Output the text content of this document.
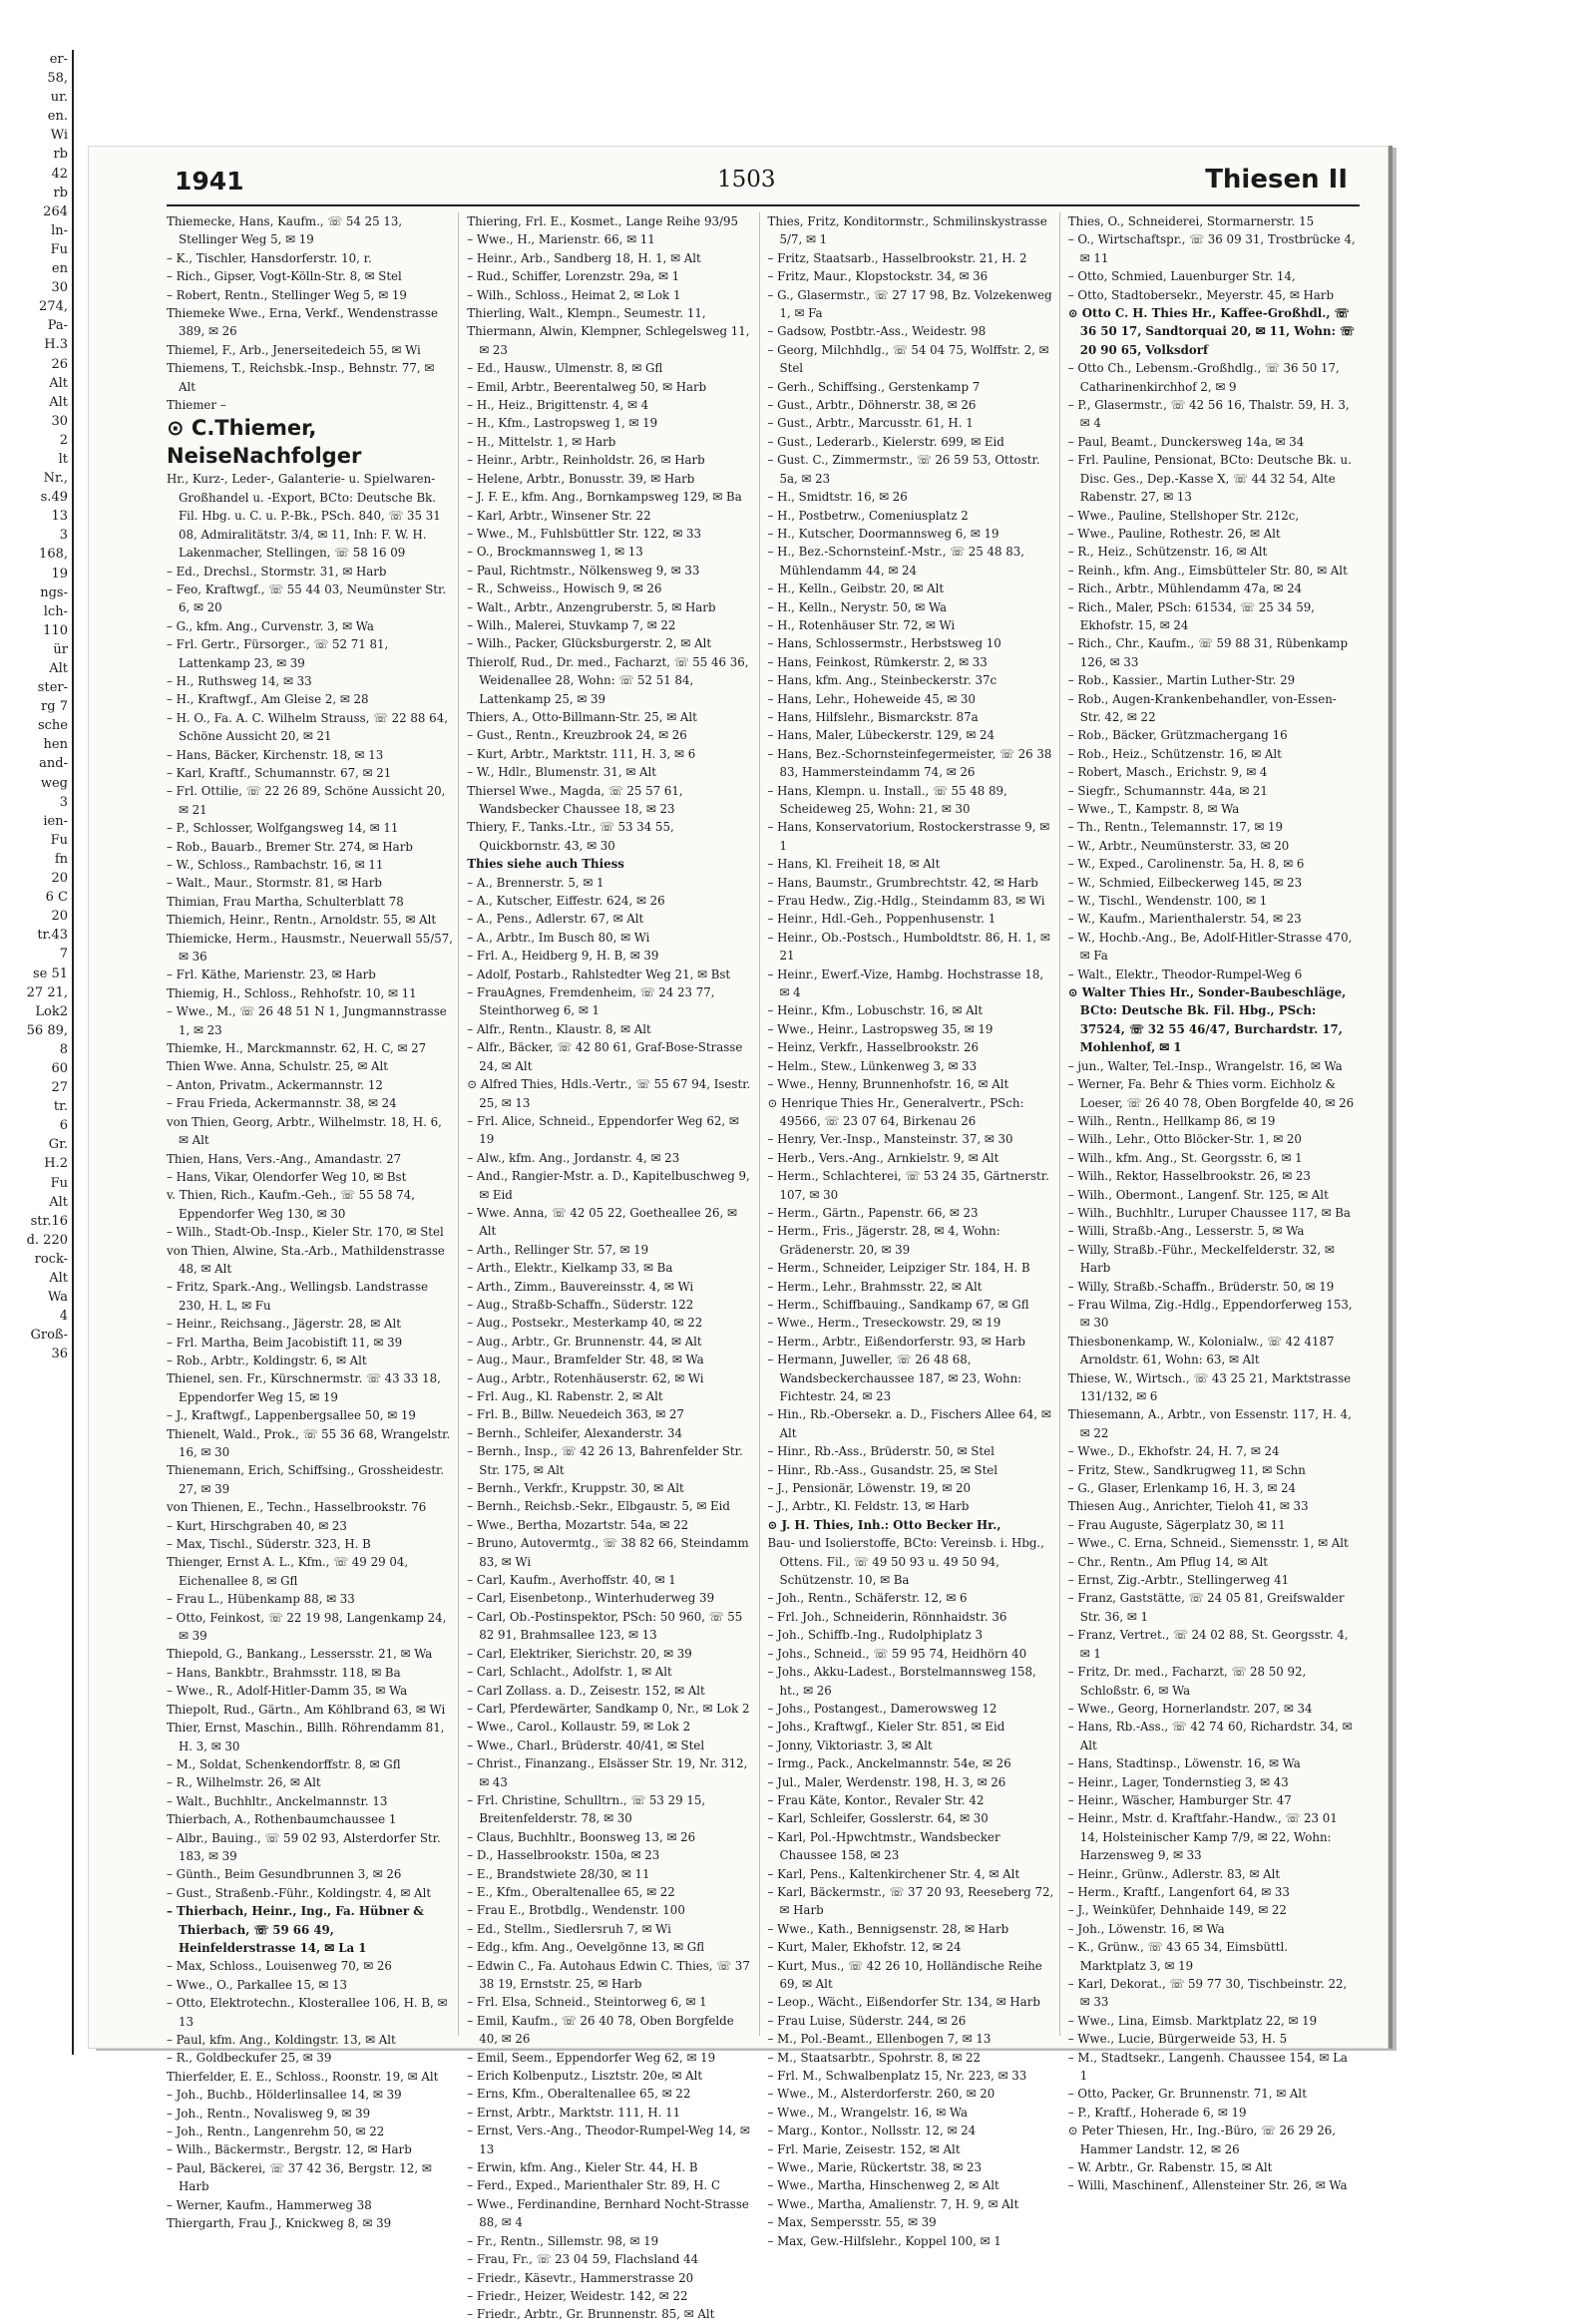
er-
58,
ur.
en.
Wi
rb
42
rb
264
ln-
Fu
en
30
274,
Pa-
H.3
26
Alt
Alt
30
2
lt
Nr.,
s.49
13
3
168,
19
ngs-
lch-
110
ür
Alt
ster-
rg 7
sche
hen
and-
weg
3
ien-
Fu
fn
20
6 C
20
tr.43
7
se 51
27 21,
Lok2
56 89,
8
60
27
tr.
6
Gr.
H.2
Fu
Alt
str.16
d. 220
rock-
Alt
Wa
4
Groß-
36
1941	1503	Thiesen II
Thiemecke, Hans, Kaufm., ☏ 54 25 13, Stellinger Weg 5, ✉ 19
– K., Tischler, Hansdorferstr. 10, r.
– Rich., Gipser, Vogt-Kölln-Str. 8, ✉ Stel
– Robert, Rentn., Stellinger Weg 5, ✉ 19
Thiemeke Wwe., Erna, Verkf., Wendenstrasse 389, ✉ 26
Thiemel, F., Arb., Jenerseitedeich 55, ✉ Wi
Thiemens, T., Reichsbk.-Insp., Behnstr. 77, ✉ Alt
Thiemer –
⊙ C.Thiemer, NeiseNachfolger
Hr., Kurz-, Leder-, Galanterie- u. Spielwaren-Großhandel u. -Export, BCto: Deutsche Bk. Fil. Hbg. u. C. u. P.-Bk., PSch. 840, ☏ 35 31 08, Admiralitätstr. 3/4, ✉ 11, Inh: F. W. H. Lakenmacher, Stellingen, ☏ 58 16 09
– Ed., Drechsl., Stormstr. 31, ✉ Harb
– Feo, Kraftwgf., ☏ 55 44 03, Neumünster Str. 6, ✉ 20
– G., kfm. Ang., Curvenstr. 3, ✉ Wa
– Frl. Gertr., Fürsorger., ☏ 52 71 81, Lattenkamp 23, ✉ 39
– H., Ruthsweg 14, ✉ 33
– H., Kraftwgf., Am Gleise 2, ✉ 28
– H. O., Fa. A. C. Wilhelm Strauss, ☏ 22 88 64, Schöne Aussicht 20, ✉ 21
– Hans, Bäcker, Kirchenstr. 18, ✉ 13
– Karl, Kraftf., Schumannstr. 67, ✉ 21
– Frl. Ottilie, ☏ 22 26 89, Schöne Aussicht 20, ✉ 21
– P., Schlosser, Wolfgangsweg 14, ✉ 11
– Rob., Bauarb., Bremer Str. 274, ✉ Harb
– W., Schloss., Rambachstr. 16, ✉ 11
– Walt., Maur., Stormstr. 81, ✉ Harb
Thimian, Frau Martha, Schulterblatt 78
Thiemich, Heinr., Rentn., Arnoldstr. 55, ✉ Alt
Thiemicke, Herm., Hausmstr., Neuerwall 55/57, ✉ 36
– Frl. Käthe, Marienstr. 23, ✉ Harb
Thiemig, H., Schloss., Rehhofstr. 10, ✉ 11
– Wwe., M., ☏ 26 48 51 N 1, Jungmannstrasse 1, ✉ 23
Thiemke, H., Marckmannstr. 62, H. C, ✉ 27
Thien Wwe. Anna, Schulstr. 25, ✉ Alt
– Anton, Privatm., Ackermannstr. 12
– Frau Frieda, Ackermannstr. 38, ✉ 24
von Thien, Georg, Arbtr., Wilhelmstr. 18, H. 6, ✉ Alt
Thien, Hans, Vers.-Ang., Amandastr. 27
– Hans, Vikar, Olendorfer Weg 10, ✉ Bst
v. Thien, Rich., Kaufm.-Geh., ☏ 55 58 74, Eppendorfer Weg 130, ✉ 30
– Wilh., Stadt-Ob.-Insp., Kieler Str. 170, ✉ Stel
von Thien, Alwine, Sta.-Arb., Mathildenstrasse 48, ✉ Alt
– Fritz, Spark.-Ang., Wellingsb. Landstrasse 230, H. L, ✉ Fu
– Heinr., Reichsang., Jägerstr. 28, ✉ Alt
– Frl. Martha, Beim Jacobistift 11, ✉ 39
– Rob., Arbtr., Koldingstr. 6, ✉ Alt
Thienel, sen. Fr., Kürschnermstr. ☏ 43 33 18, Eppendorfer Weg 15, ✉ 19
– J., Kraftwgf., Lappenbergsallee 50, ✉ 19
Thienelt, Wald., Prok., ☏ 55 36 68, Wrangelstr. 16, ✉ 30
Thienemann, Erich, Schiffsing., Grossheidestr. 27, ✉ 39
von Thienen, E., Techn., Hasselbrookstr. 76
– Kurt, Hirschgraben 40, ✉ 23
– Max, Tischl., Süderstr. 323, H. B
Thienger, Ernst A. L., Kfm., ☏ 49 29 04, Eichenallee 8, ✉ Gfl
– Frau L., Hübenkamp 88, ✉ 33
– Otto, Feinkost, ☏ 22 19 98, Langenkamp 24, ✉ 39
Thiepold, G., Bankang., Lessersstr. 21, ✉ Wa
– Hans, Bankbtr., Brahmsstr. 118, ✉ Ba
– Wwe., R., Adolf-Hitler-Damm 35, ✉ Wa
Thiepolt, Rud., Gärtn., Am Köhlbrand 63, ✉ Wi
Thier, Ernst, Maschin., Billh. Röhrendamm 81, H. 3, ✉ 30
– M., Soldat, Schenkendorffstr. 8, ✉ Gfl
– R., Wilhelmstr. 26, ✉ Alt
– Walt., Buchhltr., Anckelmannstr. 13
Thierbach, A., Rothenbaumchaussee 1
– Albr., Bauing., ☏ 59 02 93, Alsterdorfer Str. 183, ✉ 39
– Günth., Beim Gesundbrunnen 3, ✉ 26
– Gust., Straßenb.-Führ., Koldingstr. 4, ✉ Alt
– Thierbach, Heinr., Ing., Fa. Hübner & Thierbach, ☏ 59 66 49, Heinfelderstrasse 14, ✉ La 1
– Max, Schloss., Louisenweg 70, ✉ 26
– Wwe., O., Parkallee 15, ✉ 13
– Otto, Elektrotechn., Klosterallee 106, H. B, ✉ 13
– Paul, kfm. Ang., Koldingstr. 13, ✉ Alt
– R., Goldbeckufer 25, ✉ 39
Thierfelder, E. E., Schloss., Roonstr. 19, ✉ Alt
– Joh., Buchb., Hölderlinsallee 14, ✉ 39
– Joh., Rentn., Novalisweg 9, ✉ 39
– Joh., Rentn., Langenrehm 50, ✉ 22
– Wilh., Bäckermstr., Bergstr. 12, ✉ Harb
– Paul, Bäckerei, ☏ 37 42 36, Bergstr. 12, ✉ Harb
– Werner, Kaufm., Hammerweg 38
Thiergarth, Frau J., Knickweg 8, ✉ 39
Thiering, Frl. E., Kosmet., Lange Reihe 93/95
– Wwe., H., Marienstr. 66, ✉ 11
– Heinr., Arb., Sandberg 18, H. 1, ✉ Alt
– Rud., Schiffer, Lorenzstr. 29a, ✉ 1
– Wilh., Schloss., Heimat 2, ✉ Lok 1
Thierling, Walt., Klempn., Seumestr. 11,
Thiermann, Alwin, Klempner, Schlegelsweg 11, ✉ 23
– Ed., Hausw., Ulmenstr. 8, ✉ Gfl
– Emil, Arbtr., Beerentalweg 50, ✉ Harb
– H., Heiz., Brigittenstr. 4, ✉ 4
– H., Kfm., Lastropsweg 1, ✉ 19
– H., Mittelstr. 1, ✉ Harb
– Heinr., Arbtr., Reinholdstr. 26, ✉ Harb
– Helene, Arbtr., Bonusstr. 39, ✉ Harb
– J. F. E., kfm. Ang., Bornkampsweg 129, ✉ Ba
– Karl, Arbtr., Winsener Str. 22
– Wwe., M., Fuhlsbüttler Str. 122, ✉ 33
– O., Brockmannsweg 1, ✉ 13
– Paul, Richtmstr., Nölkensweg 9, ✉ 33
– R., Schweiss., Howisch 9, ✉ 26
– Walt., Arbtr., Anzengruberstr. 5, ✉ Harb
– Wilh., Malerei, Stuvkamp 7, ✉ 22
– Wilh., Packer, Glücksburgerstr. 2, ✉ Alt
Thierolf, Rud., Dr. med., Facharzt, ☏ 55 46 36, Weidenallee 28, Wohn: ☏ 52 51 84, Lattenkamp 25, ✉ 39
Thiers, A., Otto-Billmann-Str. 25, ✉ Alt
– Gust., Rentn., Kreuzbrook 24, ✉ 26
– Kurt, Arbtr., Marktstr. 111, H. 3, ✉ 6
– W., Hdlr., Blumenstr. 31, ✉ Alt
Thiersel Wwe., Magda, ☏ 25 57 61, Wandsbecker Chaussee 18, ✉ 23
Thiery, F., Tanks.-Ltr., ☏ 53 34 55, Quickbornstr. 43, ✉ 30
Thies siehe auch Thiess
– A., Brennerstr. 5, ✉ 1
– A., Kutscher, Eiffestr. 624, ✉ 26
– A., Pens., Adlerstr. 67, ✉ Alt
– A., Arbtr., Im Busch 80, ✉ Wi
– Frl. A., Heidberg 9, H. B, ✉ 39
– Adolf, Postarb., Rahlstedter Weg 21, ✉ Bst
– FrauAgnes, Fremdenheim, ☏ 24 23 77, Steinthorweg 6, ✉ 1
– Alfr., Rentn., Klaustr. 8, ✉ Alt
– Alfr., Bäcker, ☏ 42 80 61, Graf-Bose-Strasse 24, ✉ Alt
⊙ Alfred Thies, Hdls.-Vertr., ☏ 55 67 94, Isestr. 25, ✉ 13
– Frl. Alice, Schneid., Eppendorfer Weg 62, ✉ 19
– Alw., kfm. Ang., Jordanstr. 4, ✉ 23
– And., Rangier-Mstr. a. D., Kapitelbuschweg 9, ✉ Eid
– Wwe. Anna, ☏ 42 05 22, Goetheallee 26, ✉ Alt
– Arth., Rellinger Str. 57, ✉ 19
– Arth., Elektr., Kielkamp 33, ✉ Ba
– Arth., Zimm., Bauvereinsstr. 4, ✉ Wi
– Aug., Straßb-Schaffn., Süderstr. 122
– Aug., Postsekr., Mesterkamp 40, ✉ 22
– Aug., Arbtr., Gr. Brunnenstr. 44, ✉ Alt
– Aug., Maur., Bramfelder Str. 48, ✉ Wa
– Aug., Arbtr., Rotenhäuserstr. 62, ✉ Wi
– Frl. Aug., Kl. Rabenstr. 2, ✉ Alt
– Frl. B., Billw. Neuedeich 363, ✉ 27
– Bernh., Schleifer, Alexanderstr. 34
– Bernh., Insp., ☏ 42 26 13, Bahrenfelder Str. Str. 175, ✉ Alt
– Bernh., Verkfr., Kruppstr. 30, ✉ Alt
– Bernh., Reichsb.-Sekr., Elbgaustr. 5, ✉ Eid
– Wwe., Bertha, Mozartstr. 54a, ✉ 22
– Bruno, Autovermtg., ☏ 38 82 66, Steindamm 83, ✉ Wi
– Carl, Kaufm., Averhoffstr. 40, ✉ 1
– Carl, Eisenbetonp., Winterhuderweg 39
– Carl, Ob.-Postinspektor, PSch: 50 960, ☏ 55 82 91, Brahmsallee 123, ✉ 13
– Carl, Elektriker, Sierichstr. 20, ✉ 39
– Carl, Schlacht., Adolfstr. 1, ✉ Alt
– Carl Zollass. a. D., Zeisestr. 152, ✉ Alt
– Carl, Pferdewärter, Sandkamp 0, Nr., ✉ Lok 2
– Wwe., Carol., Kollaustr. 59, ✉ Lok 2
– Wwe., Charl., Brüderstr. 40/41, ✉ Stel
– Christ., Finanzang., Elsässer Str. 19, Nr. 312, ✉ 43
– Frl. Christine, Schulltrn., ☏ 53 29 15, Breitenfelderstr. 78, ✉ 30
– Claus, Buchhltr., Boonsweg 13, ✉ 26
– D., Hasselbrookstr. 150a, ✉ 23
– E., Brandstwiete 28/30, ✉ 11
– E., Kfm., Oberaltenallee 65, ✉ 22
– Frau E., Brotbdlg., Wendenstr. 100
– Ed., Stellm., Siedlersruh 7, ✉ Wi
– Edg., kfm. Ang., Oevelgönne 13, ✉ Gfl
– Edwin C., Fa. Autohaus Edwin C. Thies, ☏ 37 38 19, Ernststr. 25, ✉ Harb
– Frl. Elsa, Schneid., Steintorweg 6, ✉ 1
– Emil, Kaufm., ☏ 26 40 78, Oben Borgfelde 40, ✉ 26
– Emil, Seem., Eppendorfer Weg 62, ✉ 19
– Erich Kolbenputz., Lisztstr. 20e, ✉ Alt
– Erns, Kfm., Oberaltenallee 65, ✉ 22
– Ernst, Arbtr., Marktstr. 111, H. 11
– Ernst, Vers.-Ang., Theodor-Rumpel-Weg 14, ✉ 13
– Erwin, kfm. Ang., Kieler Str. 44, H. B
– Ferd., Exped., Marienthaler Str. 89, H. C
– Wwe., Ferdinandine, Bernhard Nocht-Strasse 88, ✉ 4
– Fr., Rentn., Sillemstr. 98, ✉ 19
– Frau, Fr., ☏ 23 04 59, Flachsland 44
– Friedr., Käsevtr., Hammerstrasse 20
– Friedr., Heizer, Weidestr. 142, ✉ 22
– Friedr., Arbtr., Gr. Brunnenstr. 85, ✉ Alt
Thies, Fritz, Konditormstr., Schmilinskystrasse 5/7, ✉ 1
– Fritz, Staatsarb., Hasselbrookstr. 21, H. 2
– Fritz, Maur., Klopstockstr. 34, ✉ 36
– G., Glasermstr., ☏ 27 17 98, Bz. Volzekenweg 1, ✉ Fa
– Gadsow, Postbtr.-Ass., Weidestr. 98
– Georg, Milchhdlg., ☏ 54 04 75, Wolffstr. 2, ✉ Stel
– Gerh., Schiffsing., Gerstenkamp 7
– Gust., Arbtr., Döhnerstr. 38, ✉ 26
– Gust., Arbtr., Marcusstr. 61, H. 1
– Gust., Lederarb., Kielerstr. 699, ✉ Eid
– Gust. C., Zimmermstr., ☏ 26 59 53, Ottostr. 5a, ✉ 23
– H., Smidtstr. 16, ✉ 26
– H., Postbetrw., Comeniusplatz 2
– H., Kutscher, Doormannsweg 6, ✉ 19
– H., Bez.-Schornsteinf.-Mstr., ☏ 25 48 83, Mühlendamm 44, ✉ 24
– H., Kelln., Geibstr. 20, ✉ Alt
– H., Kelln., Nerystr. 50, ✉ Wa
– H., Rotenhäuser Str. 72, ✉ Wi
– Hans, Schlossermstr., Herbstsweg 10
– Hans, Feinkost, Rümkerstr. 2, ✉ 33
– Hans, kfm. Ang., Steinbeckerstr. 37c
– Hans, Lehr., Hoheweide 45, ✉ 30
– Hans, Hilfslehr., Bismarckstr. 87a
– Hans, Maler, Lübeckerstr. 129, ✉ 24
– Hans, Bez.-Schornsteinfegermeister, ☏ 26 38 83, Hammersteindamm 74, ✉ 26
– Hans, Klempn. u. Install., ☏ 55 48 89, Scheideweg 25, Wohn: 21, ✉ 30
– Hans, Konservatorium, Rostockerstrasse 9, ✉ 1
– Hans, Kl. Freiheit 18, ✉ Alt
– Hans, Baumstr., Grumbrechtstr. 42, ✉ Harb
– Frau Hedw., Zig.-Hdlg., Steindamm 83, ✉ Wi
– Heinr., Hdl.-Geh., Poppenhusenstr. 1
– Heinr., Ob.-Postsch., Humboldtstr. 86, H. 1, ✉ 21
– Heinr., Ewerf.-Vize, Hambg. Hochstrasse 18, ✉ 4
– Heinr., Kfm., Lobuschstr. 16, ✉ Alt
– Wwe., Heinr., Lastropsweg 35, ✉ 19
– Heinz, Verkfr., Hasselbrookstr. 26
– Helm., Stew., Lünkenweg 3, ✉ 33
– Wwe., Henny, Brunnenhofstr. 16, ✉ Alt
⊙ Henrique Thies Hr., Generalvertr., PSch: 49566, ☏ 23 07 64, Birkenau 26
– Henry, Ver.-Insp., Mansteinstr. 37, ✉ 30
– Herb., Vers.-Ang., Arnkielstr. 9, ✉ Alt
– Herm., Schlachterei, ☏ 53 24 35, Gärtnerstr. 107, ✉ 30
– Herm., Gärtn., Papenstr. 66, ✉ 23
– Herm., Fris., Jägerstr. 28, ✉ 4, Wohn: Grädenerstr. 20, ✉ 39
– Herm., Schneider, Leipziger Str. 184, H. B
– Herm., Lehr., Brahmsstr. 22, ✉ Alt
– Herm., Schiffbauing., Sandkamp 67, ✉ Gfl
– Wwe., Herm., Treseckowstr. 29, ✉ 19
– Herm., Arbtr., Eißendorferstr. 93, ✉ Harb
– Hermann, Juweller, ☏ 26 48 68, Wandsbeckerchaussee 187, ✉ 23, Wohn: Fichtestr. 24, ✉ 23
– Hin., Rb.-Obersekr. a. D., Fischers Allee 64, ✉ Alt
– Hinr., Rb.-Ass., Brüderstr. 50, ✉ Stel
– Hinr., Rb.-Ass., Gusandstr. 25, ✉ Stel
– J., Pensionär, Löwenstr. 19, ✉ 20
– J., Arbtr., Kl. Feldstr. 13, ✉ Harb
⊙ J. H. Thies, Inh.: Otto Becker Hr.,
Bau- und Isolierstoffe, BCto: Vereinsb. i. Hbg., Ottens. Fil., ☏ 49 50 93 u. 49 50 94, Schützenstr. 10, ✉ Ba
– Joh., Rentn., Schäferstr. 12, ✉ 6
– Frl. Joh., Schneiderin, Rönnhaidstr. 36
– Joh., Schiffb.-Ing., Rudolphiplatz 3
– Johs., Schneid., ☏ 59 95 74, Heidhörn 40
– Johs., Akku-Ladest., Borstelmannsweg 158, ht., ✉ 26
– Johs., Postangest., Damerowsweg 12
– Johs., Kraftwgf., Kieler Str. 851, ✉ Eid
– Jonny, Viktoriastr. 3, ✉ Alt
– Irmg., Pack., Anckelmannstr. 54e, ✉ 26
– Jul., Maler, Werdenstr. 198, H. 3, ✉ 26
– Frau Käte, Kontor., Revaler Str. 42
– Karl, Schleifer, Gosslerstr. 64, ✉ 30
– Karl, Pol.-Hpwchtmstr., Wandsbecker Chaussee 158, ✉ 23
– Karl, Pens., Kaltenkirchener Str. 4, ✉ Alt
– Karl, Bäckermstr., ☏ 37 20 93, Reeseberg 72, ✉ Harb
– Wwe., Kath., Bennigsenstr. 28, ✉ Harb
– Kurt, Maler, Ekhofstr. 12, ✉ 24
– Kurt, Mus., ☏ 42 26 10, Holländische Reihe 69, ✉ Alt
– Leop., Wächt., Eißendorfer Str. 134, ✉ Harb
– Frau Luise, Süderstr. 244, ✉ 26
– M., Pol.-Beamt., Ellenbogen 7, ✉ 13
– M., Staatsarbtr., Spohrstr. 8, ✉ 22
– Frl. M., Schwalbenplatz 15, Nr. 223, ✉ 33
– Wwe., M., Alsterdorferstr. 260, ✉ 20
– Wwe., M., Wrangelstr. 16, ✉ Wa
– Marg., Kontor., Nollsstr. 12, ✉ 24
– Frl. Marie, Zeisestr. 152, ✉ Alt
– Wwe., Marie, Rückertstr. 38, ✉ 23
– Wwe., Martha, Hinschenweg 2, ✉ Alt
– Wwe., Martha, Amalienstr. 7, H. 9, ✉ Alt
– Max, Sempersstr. 55, ✉ 39
– Max, Gew.-Hilfslehr., Koppel 100, ✉ 1
Thies, O., Schneiderei, Stormarnerstr. 15
– O., Wirtschaftspr., ☏ 36 09 31, Trostbrücke 4, ✉ 11
– Otto, Schmied, Lauenburger Str. 14,
– Otto, Stadtobersekr., Meyerstr. 45, ✉ Harb
⊙ Otto C. H. Thies Hr., Kaffee-Großhdl., ☏ 36 50 17, Sandtorquai 20, ✉ 11, Wohn: ☏ 20 90 65, Volksdorf
– Otto Ch., Lebensm.-Großhdlg., ☏ 36 50 17, Catharinenkirchhof 2, ✉ 9
– P., Glasermstr., ☏ 42 56 16, Thalstr. 59, H. 3, ✉ 4
– Paul, Beamt., Dunckersweg 14a, ✉ 34
– Frl. Pauline, Pensionat, BCto: Deutsche Bk. u. Disc. Ges., Dep.-Kasse X, ☏ 44 32 54, Alte Rabenstr. 27, ✉ 13
– Wwe., Pauline, Stellshoper Str. 212c,
– Wwe., Pauline, Rothestr. 26, ✉ Alt
– R., Heiz., Schützenstr. 16, ✉ Alt
– Reinh., kfm. Ang., Eimsbütteler Str. 80, ✉ Alt
– Rich., Arbtr., Mühlendamm 47a, ✉ 24
– Rich., Maler, PSch: 61534, ☏ 25 34 59, Ekhofstr. 15, ✉ 24
– Rich., Chr., Kaufm., ☏ 59 88 31, Rübenkamp 126, ✉ 33
– Rob., Kassier., Martin Luther-Str. 29
– Rob., Augen-Krankenbehandler, von-Essen-Str. 42, ✉ 22
– Rob., Bäcker, Grützmachergang 16
– Rob., Heiz., Schützenstr. 16, ✉ Alt
– Robert, Masch., Erichstr. 9, ✉ 4
– Siegfr., Schumannstr. 44a, ✉ 21
– Wwe., T., Kampstr. 8, ✉ Wa
– Th., Rentn., Telemannstr. 17, ✉ 19
– W., Arbtr., Neumünsterstr. 33, ✉ 20
– W., Exped., Carolinenstr. 5a, H. 8, ✉ 6
– W., Schmied, Eilbeckerweg 145, ✉ 23
– W., Tischl., Wendenstr. 100, ✉ 1
– W., Kaufm., Marienthalerstr. 54, ✉ 23
– W., Hochb.-Ang., Be, Adolf-Hitler-Strasse 470, ✉ Fa
– Walt., Elektr., Theodor-Rumpel-Weg 6
⊙ Walter Thies Hr., Sonder-Baubeschläge, BCto: Deutsche Bk. Fil. Hbg., PSch: 37524, ☏ 32 55 46/47, Burchardstr. 17, Mohlenhof, ✉ 1
– jun., Walter, Tel.-Insp., Wrangelstr. 16, ✉ Wa
– Werner, Fa. Behr & Thies vorm. Eichholz & Loeser, ☏ 26 40 78, Oben Borgfelde 40, ✉ 26
– Wilh., Rentn., Hellkamp 86, ✉ 19
– Wilh., Lehr., Otto Blöcker-Str. 1, ✉ 20
– Wilh., kfm. Ang., St. Georgsstr. 6, ✉ 1
– Wilh., Rektor, Hasselbrookstr. 26, ✉ 23
– Wilh., Obermont., Langenf. Str. 125, ✉ Alt
– Wilh., Buchhltr., Luruper Chaussee 117, ✉ Ba
– Willi, Straßb.-Ang., Lesserstr. 5, ✉ Wa
– Willy, Straßb.-Führ., Meckelfelderstr. 32, ✉ Harb
– Willy, Straßb.-Schaffn., Brüderstr. 50, ✉ 19
– Frau Wilma, Zig.-Hdlg., Eppendorferweg 153, ✉ 30
Thiesbonenkamp, W., Kolonialw., ☏ 42 4187 Arnoldstr. 61, Wohn: 63, ✉ Alt
Thiese, W., Wirtsch., ☏ 43 25 21, Marktstrasse 131/132, ✉ 6
Thiesemann, A., Arbtr., von Essenstr. 117, H. 4, ✉ 22
– Wwe., D., Ekhofstr. 24, H. 7, ✉ 24
– Fritz, Stew., Sandkrugweg 11, ✉ Schn
– G., Glaser, Erlenkamp 16, H. 3, ✉ 24
Thiesen Aug., Anrichter, Tieloh 41, ✉ 33
– Frau Auguste, Sägerplatz 30, ✉ 11
– Wwe., C. Erna, Schneid., Siemensstr. 1, ✉ Alt
– Chr., Rentn., Am Pflug 14, ✉ Alt
– Ernst, Zig.-Arbtr., Stellingerweg 41
– Franz, Gaststätte, ☏ 24 05 81, Greifswalder Str. 36, ✉ 1
– Franz, Vertret., ☏ 24 02 88, St. Georgsstr. 4, ✉ 1
– Fritz, Dr. med., Facharzt, ☏ 28 50 92, Schloßstr. 6, ✉ Wa
– Wwe., Georg, Hornerlandstr. 207, ✉ 34
– Hans, Rb.-Ass., ☏ 42 74 60, Richardstr. 34, ✉ Alt
– Hans, Stadtinsp., Löwenstr. 16, ✉ Wa
– Heinr., Lager, Tondernstieg 3, ✉ 43
– Heinr., Wäscher, Hamburger Str. 47
– Heinr., Mstr. d. Kraftfahr.-Handw., ☏ 23 01 14, Holsteinischer Kamp 7/9, ✉ 22, Wohn: Harzensweg 9, ✉ 33
– Heinr., Grünw., Adlerstr. 83, ✉ Alt
– Herm., Kraftf., Langenfort 64, ✉ 33
– J., Weinküfer, Dehnhaide 149, ✉ 22
– Joh., Löwenstr. 16, ✉ Wa
– K., Grünw., ☏ 43 65 34, Eimsbüttl. Marktplatz 3, ✉ 19
– Karl, Dekorat., ☏ 59 77 30, Tischbeinstr. 22, ✉ 33
– Wwe., Lina, Eimsb. Marktplatz 22, ✉ 19
– Wwe., Lucie, Bürgerweide 53, H. 5
– M., Stadtsekr., Langenh. Chaussee 154, ✉ La 1
– Otto, Packer, Gr. Brunnenstr. 71, ✉ Alt
– P., Kraftf., Hoherade 6, ✉ 19
⊙ Peter Thiesen, Hr., Ing.-Büro, ☏ 26 29 26, Hammer Landstr. 12, ✉ 26
– W. Arbtr., Gr. Rabenstr. 15, ✉ Alt
– Willi, Maschinenf., Allensteiner Str. 26, ✉ Wa
